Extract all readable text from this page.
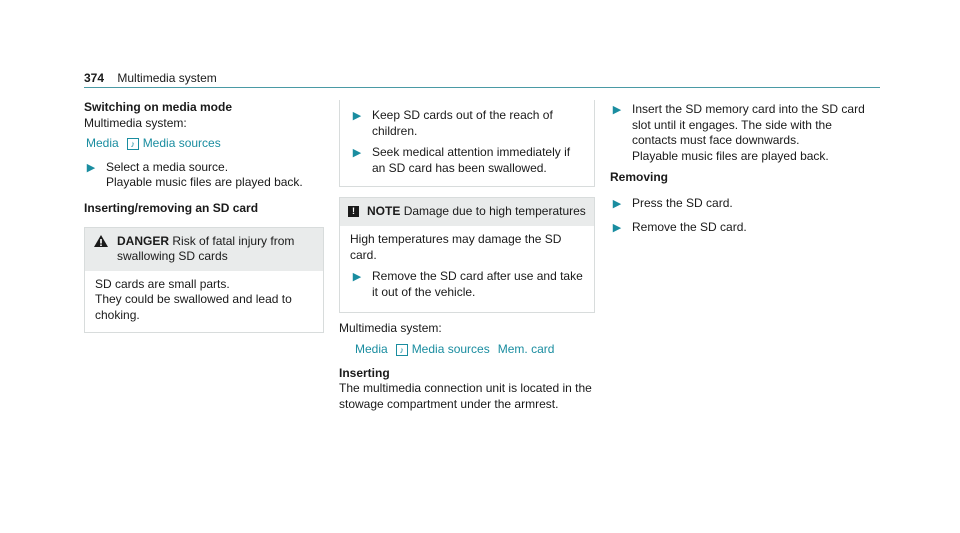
374 Multimedia system

Switching on media mode

Multimedia system:

Media	♪ Media sources
▶ Select a media source.
Playable music files are played back.

Inserting/removing an SD card

DANGER Risk of fatal injury from swallowing SD cards

SD cards are small parts.

They could be swallowed and lead to choking.

▶ Keep SD cards out of the reach of children.
▶ Seek medical attention immediately if an SD card has been swallowed.
!	NOTE Damage due to high temperatures

High temperatures may damage the SD card.

▶ Remove the SD card after use and take it out of the vehicle.

Multimedia system:

Media	♪ Media sources Mem. card

Inserting

The multimedia connection unit is located in the stowage compartment under the armrest.

▶ Insert the SD memory card into the SD card slot until it engages. The side with the contacts must face downwards.
Playable music files are played back.

Removing

▶ Press the SD card.
▶ Remove the SD card.
